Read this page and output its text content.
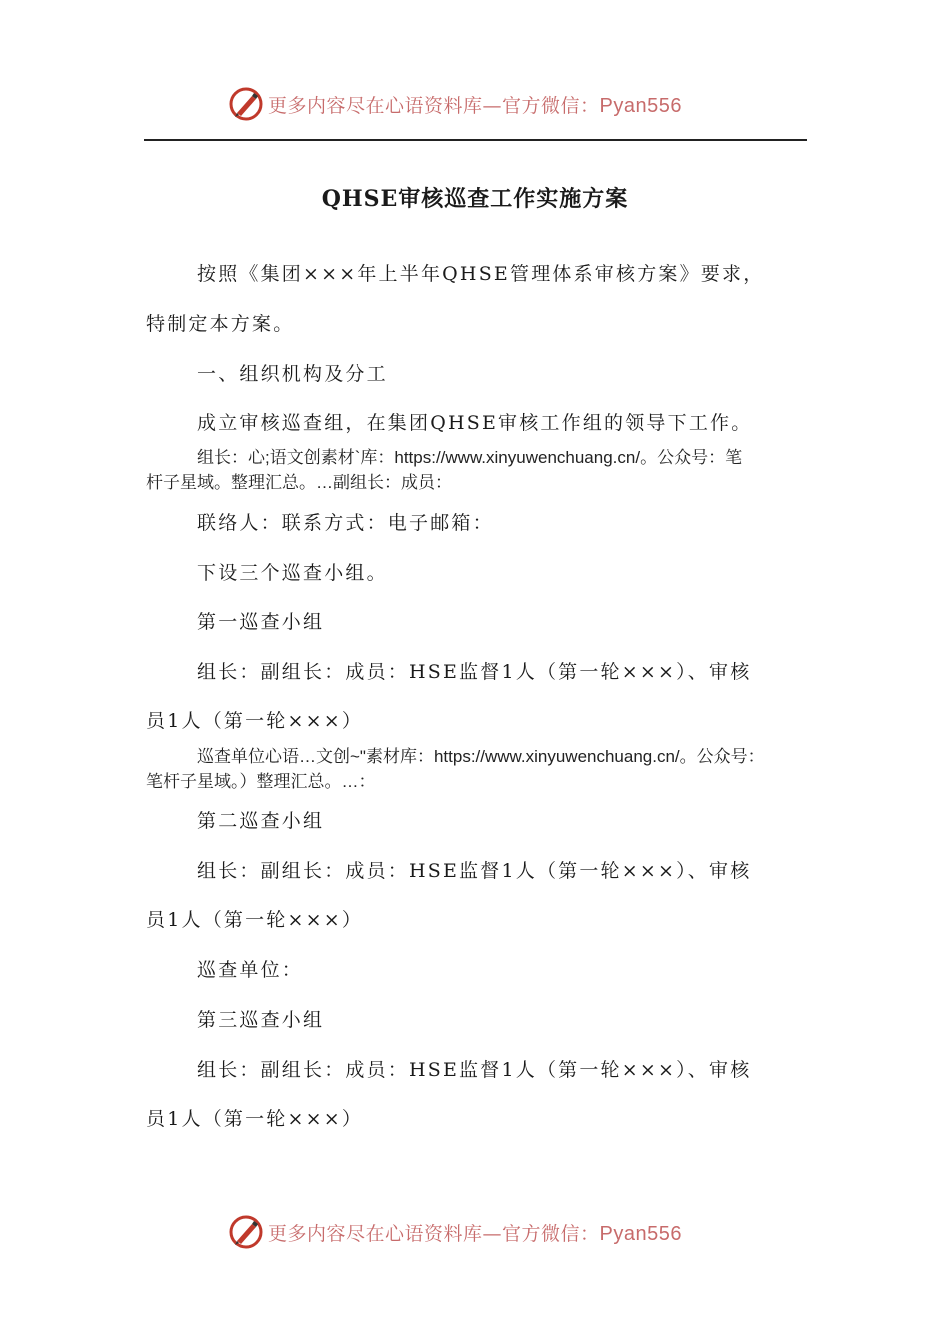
更多内容尽在心语资料库—官方微信：Pyan556
QHSE审核巡查工作实施方案
按照《集团×××年上半年QHSE管理体系审核方案》要求，
特制定本方案。
一、组织机构及分工
成立审核巡查组，在集团QHSE审核工作组的领导下工作。
组长：心;语文创素材`库：https://www.xinyuwenchuang.cn/。公众号：笔
杆子星域。整理汇总。…副组长：成员：
联络人：联系方式：电子邮箱：
下设三个巡查小组。
第一巡查小组
组长：副组长：成员：HSE监督1人（第一轮×××）、审核
员1人（第一轮×××）
巡查单位心语…文创~"素材库：https://www.xinyuwenchuang.cn/。公众号：
笔杆子星域。）整理汇总。…：
第二巡查小组
组长：副组长：成员：HSE监督1人（第一轮×××）、审核
员1人（第一轮×××）
巡查单位：
第三巡查小组
组长：副组长：成员：HSE监督1人（第一轮×××）、审核
员1人（第一轮×××）
更多内容尽在心语资料库—官方微信：Pyan556
